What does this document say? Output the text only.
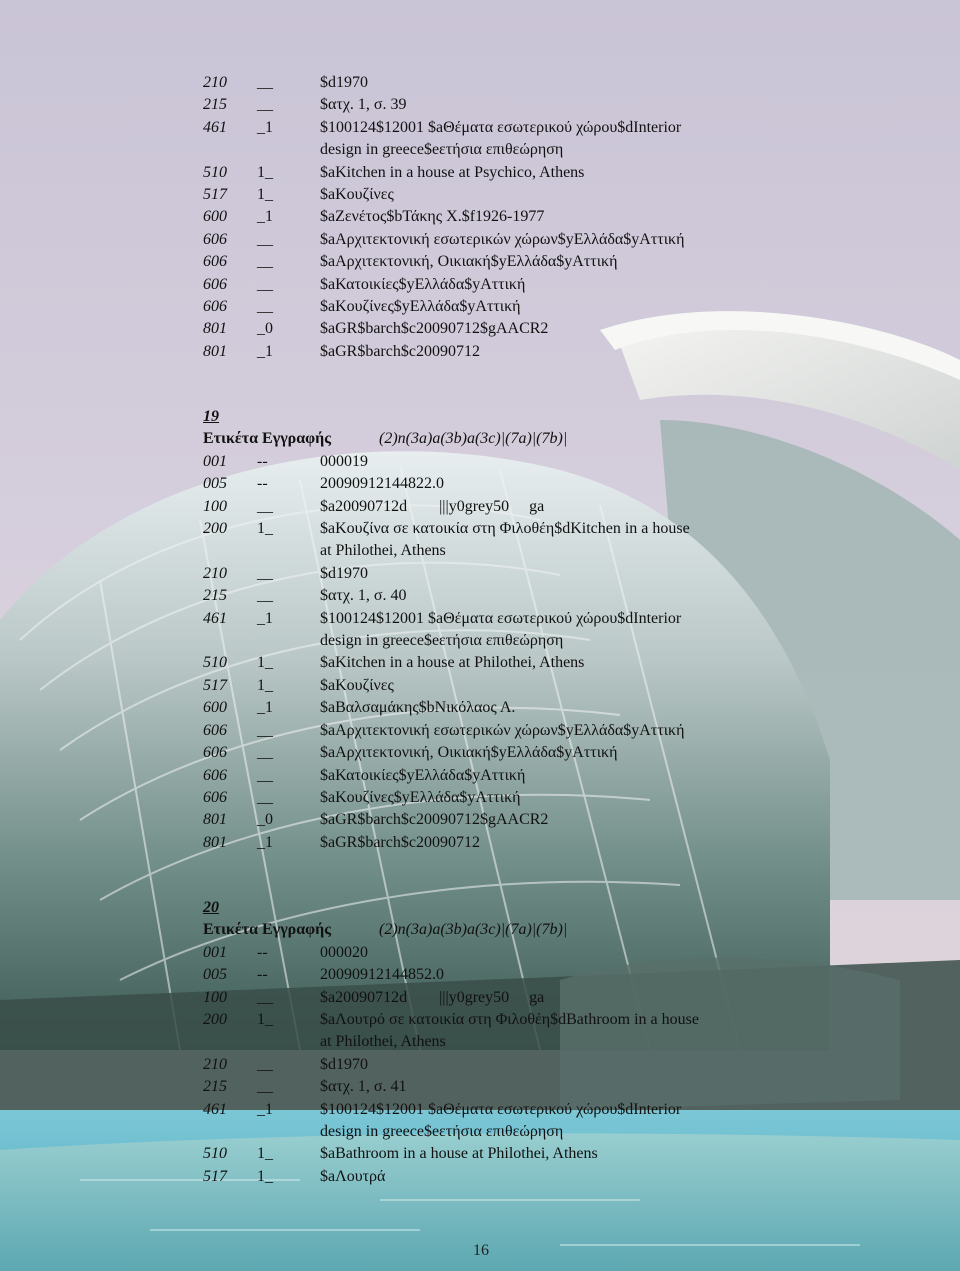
210	__	$d1970
215	__	$ατχ. 1, σ. 39
461	_1	$100124$12001 $aΘέματα εσωτερικού χώρου$dInterior
design in greece$eετήσια επιθεώρηση
510	1_	$aKitchen in a house at Psychico, Athens
517	1_	$aΚουζίνες
600	_1	$aΖενέτος$bΤάκης Χ.$f1926-1977
606	__	$aΑρχιτεκτονική εσωτερικών χώρων$yΕλλάδα$yΑττική
606	__	$aΑρχιτεκτονική, Οικιακή$yΕλλάδα$yΑττική
606	__	$aΚατοικίες$yΕλλάδα$yΑττική
606	__	$aΚουζίνες$yΕλλάδα$yΑττική
801	_0	$aGR$barch$c20090712$gAACR2
801	_1	$aGR$barch$c20090712
19
Ετικέτα Εγγραφής	(2)n(3a)a(3b)a(3c)|(7a)|(7b)|
001	--	000019
005	--	20090912144822.0
100	__	$a20090712d        |||y0grey50     ga
200	1_	$aΚουζίνα σε κατοικία στη Φιλοθέη$dKitchen in a house
at Philothei, Athens
210	__	$d1970
215	__	$ατχ. 1, σ. 40
461	_1	$100124$12001 $aΘέματα εσωτερικού χώρου$dInterior
design in greece$eετήσια επιθεώρηση
510	1_	$aKitchen in a house at Philothei, Athens
517	1_	$aΚουζίνες
600	_1	$aΒαλσαμάκης$bΝικόλαος Α.
606	__	$aΑρχιτεκτονική εσωτερικών χώρων$yΕλλάδα$yΑττική
606	__	$aΑρχιτεκτονική, Οικιακή$yΕλλάδα$yΑττική
606	__	$aΚατοικίες$yΕλλάδα$yΑττική
606	__	$aΚουζίνες$yΕλλάδα$yΑττική
801	_0	$aGR$barch$c20090712$gAACR2
801	_1	$aGR$barch$c20090712
20
Ετικέτα Εγγραφής	(2)n(3a)a(3b)a(3c)|(7a)|(7b)|
001	--	000020
005	--	20090912144852.0
100	__	$a20090712d        |||y0grey50     ga
200	1_	$aΛουτρό σε κατοικία στη Φιλοθέη$dBathroom in a house
at Philothei, Athens
210	__	$d1970
215	__	$ατχ. 1, σ. 41
461	_1	$100124$12001 $aΘέματα εσωτερικού χώρου$dInterior
design in greece$eετήσια επιθεώρηση
510	1_	$aBathroom in a house at Philothei, Athens
517	1_	$aΛουτρά
16
